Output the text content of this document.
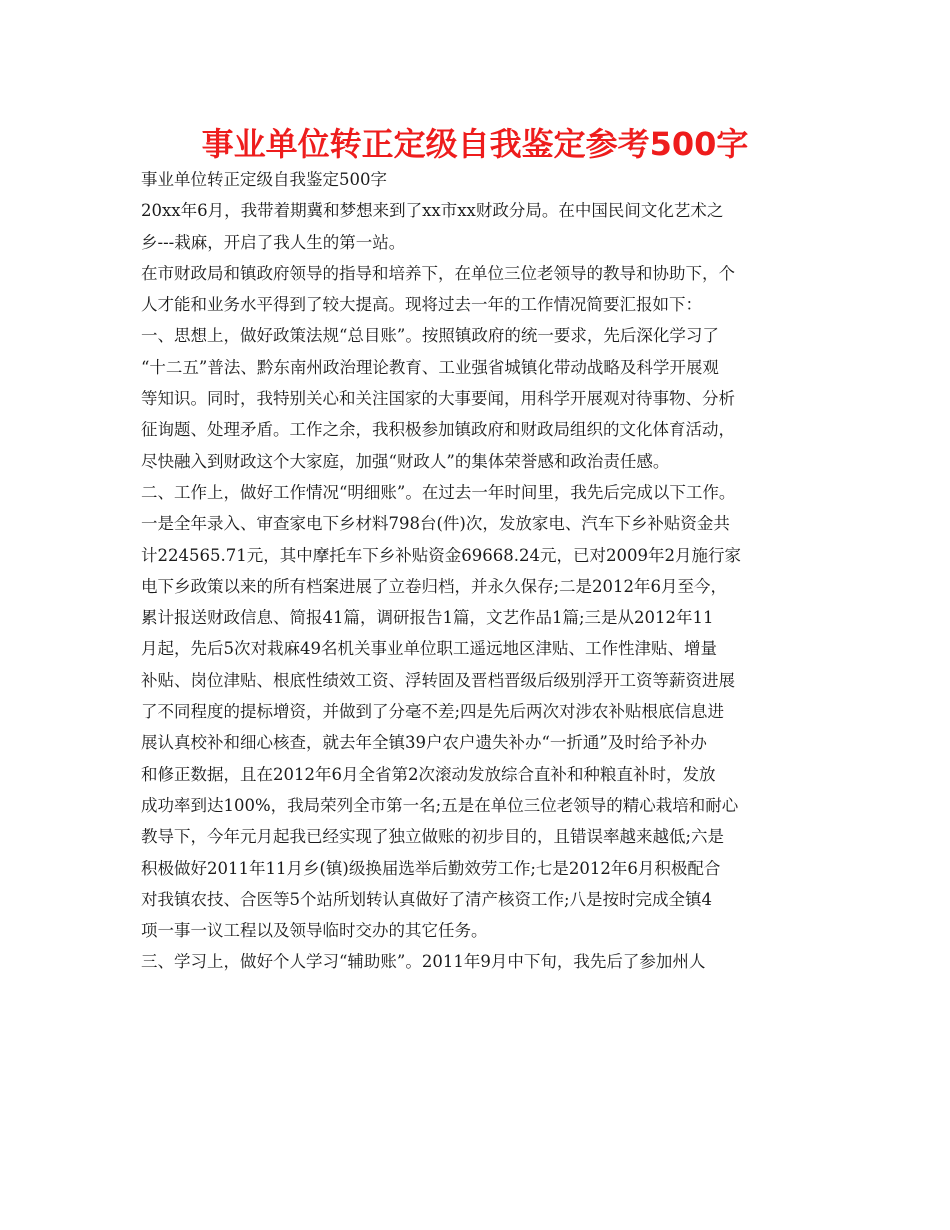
事业单位转正定级自我鉴定参考500字

事业单位转正定级自我鉴定500字

20xx年6月，我带着期冀和梦想来到了xx市xx财政分局。在中国民间文化艺术之

乡---栽麻，开启了我人生的第一站。

在市财政局和镇政府领导的指导和培养下，在单位三位老领导的教导和协助下，个

人才能和业务水平得到了较大提高。现将过去一年的工作情况简要汇报如下：

一、思想上，做好政策法规“总目账”。按照镇政府的统一要求，先后深化学习了

“十二五”普法、黔东南州政治理论教育、工业强省城镇化带动战略及科学开展观

等知识。同时，我特别关心和关注国家的大事要闻，用科学开展观对待事物、分析

征询题、处理矛盾。工作之余，我积极参加镇政府和财政局组织的文化体育活动，

尽快融入到财政这个大家庭，加强“财政人”的集体荣誉感和政治责任感。

二、工作上，做好工作情况“明细账”。在过去一年时间里，我先后完成以下工作。

一是全年录入、审查家电下乡材料798台(件)次，发放家电、汽车下乡补贴资金共

计224565.71元，其中摩托车下乡补贴资金69668.24元，已对2009年2月施行家

电下乡政策以来的所有档案进展了立卷归档，并永久保存;二是2012年6月至今，

累计报送财政信息、简报41篇，调研报告1篇，文艺作品1篇;三是从2012年11

月起，先后5次对栽麻49名机关事业单位职工遥远地区津贴、工作性津贴、增量

补贴、岗位津贴、根底性绩效工资、浮转固及晋档晋级后级别浮开工资等薪资进展

了不同程度的提标增资，并做到了分毫不差;四是先后两次对涉农补贴根底信息进

展认真校补和细心核查，就去年全镇39户农户遗失补办“一折通”及时给予补办

和修正数据，且在2012年6月全省第2次滚动发放综合直补和种粮直补时，发放

成功率到达100%，我局荣列全市第一名;五是在单位三位老领导的精心栽培和耐心

教导下，今年元月起我已经实现了独立做账的初步目的，且错误率越来越低;六是

积极做好2011年11月乡(镇)级换届选举后勤效劳工作;七是2012年6月积极配合

对我镇农技、合医等5个站所划转认真做好了清产核资工作;八是按时完成全镇4

项一事一议工程以及领导临时交办的其它任务。

三、学习上，做好个人学习“辅助账”。2011年9月中下旬，我先后了参加州人
